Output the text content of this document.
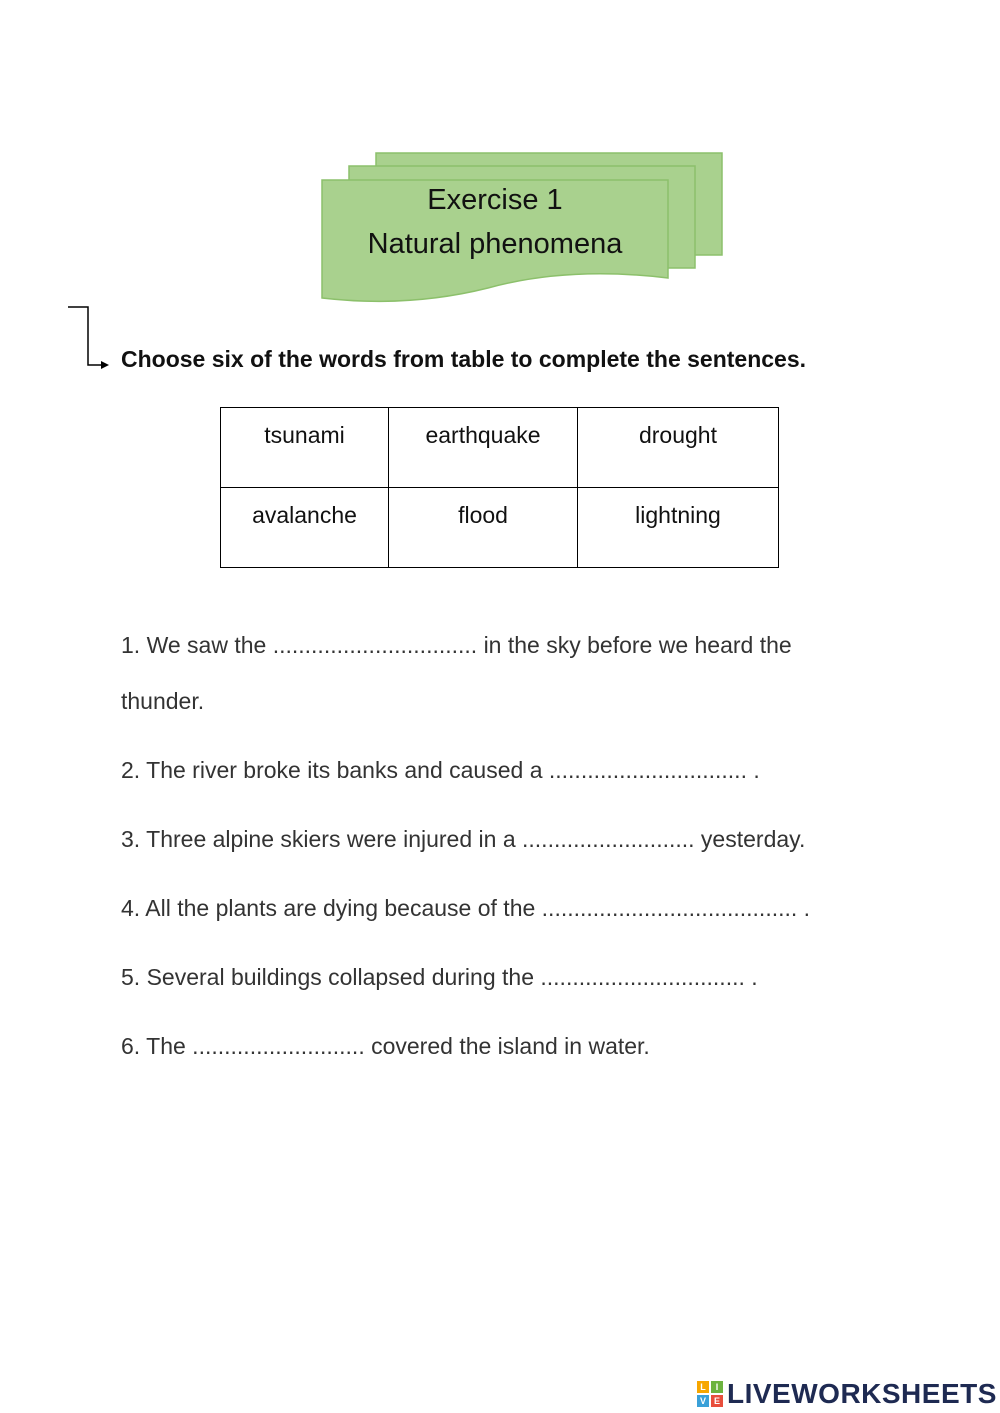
Exercise 1
Natural phenomena
Choose six of the words from table to complete the sentences.
tsunami	earthquake	drought
avalanche	flood	lightning
1. We saw the ................................ in the sky before we heard the thunder.
2. The river broke its banks and caused a ............................... .
3. Three alpine skiers were injured in a ........................... yesterday.
4. All the plants are dying because of the ........................................ .
5. Several buildings collapsed during the ................................ .
6. The ........................... covered the island in water.
L	I
V E LIVEWORKSHEETS
